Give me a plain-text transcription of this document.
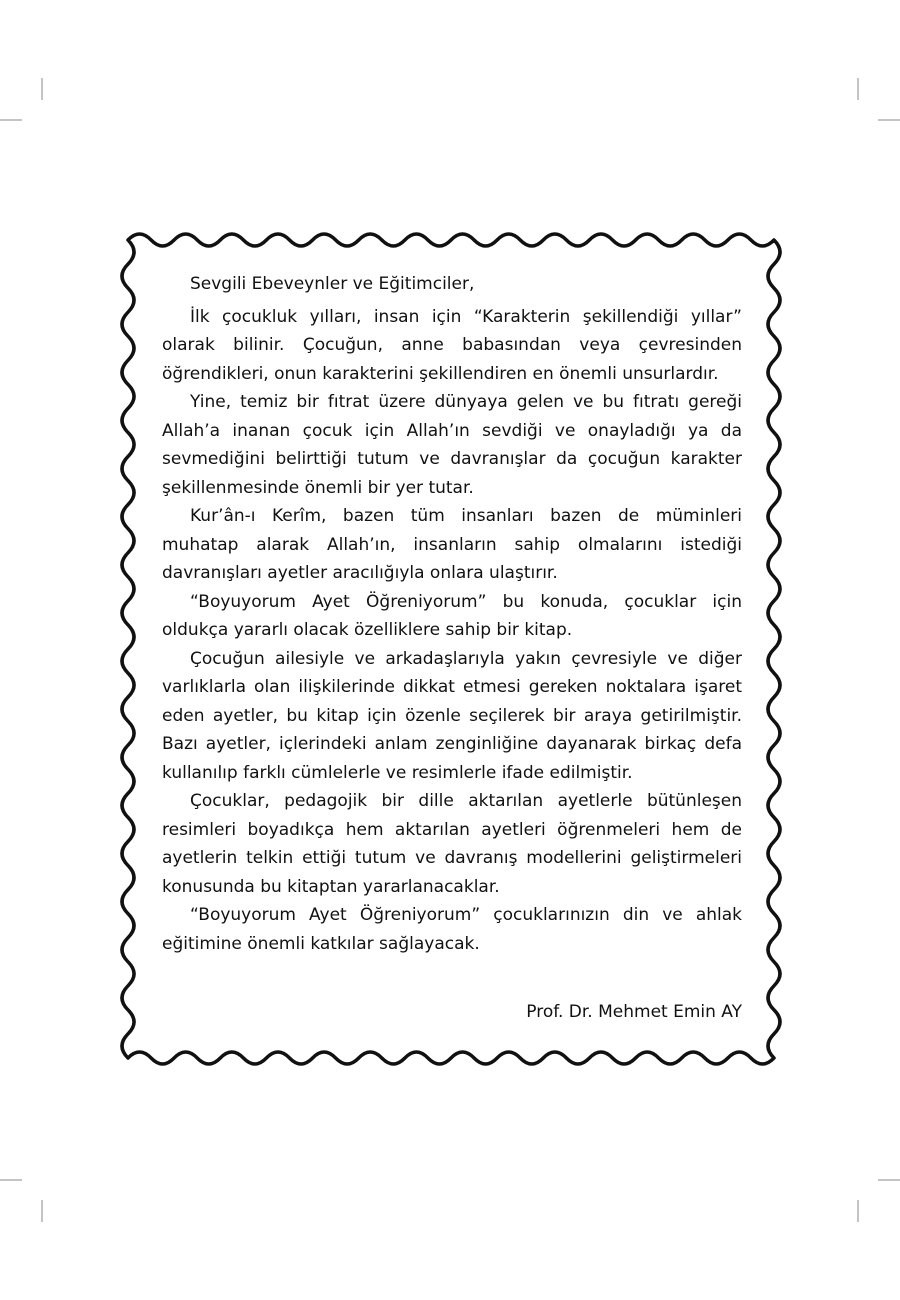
Sevgili Ebeveynler ve Eğitimciler,

İlk çocukluk yılları, insan için “Karakterin şekillendiği yıllar” olarak bilinir. Çocuğun, anne babasından veya çevresinden öğrendikleri, onun karakterini şekillendiren en önemli unsurlardır.

Yine, temiz bir fıtrat üzere dünyaya gelen ve bu fıtratı gereği Allah’a inanan çocuk için Allah’ın sevdiği ve onayladığı ya da sevmediğini belirttiği tutum ve davranışlar da çocuğun karakter şekillenmesinde önemli bir yer tutar.

Kur’ân-ı Kerîm, bazen tüm insanları bazen de müminleri muhatap alarak Allah’ın, insanların sahip olmalarını istediği davranışları ayetler aracılığıyla onlara ulaştırır.

“Boyuyorum Ayet Öğreniyorum” bu konuda, çocuklar için oldukça yararlı olacak özelliklere sahip bir kitap.

Çocuğun ailesiyle ve arkadaşlarıyla yakın çevresiyle ve diğer varlıklarla olan ilişkilerinde dikkat etmesi gereken noktalara işaret eden ayetler, bu kitap için özenle seçilerek bir araya getirilmiştir. Bazı ayetler, içlerindeki anlam zenginliğine dayanarak birkaç defa kullanılıp farklı cümlelerle ve resimlerle ifade edilmiştir.

Çocuklar, pedagojik bir dille aktarılan ayetlerle bütünleşen resimleri boyadıkça hem aktarılan ayetleri öğrenmeleri hem de ayetlerin telkin ettiği tutum ve davranış modellerini geliştirmeleri konusunda bu kitaptan yararlanacaklar.

“Boyuyorum Ayet Öğreniyorum” çocuklarınızın din ve ahlak eğitimine önemli katkılar sağlayacak.

Prof. Dr. Mehmet Emin AY
